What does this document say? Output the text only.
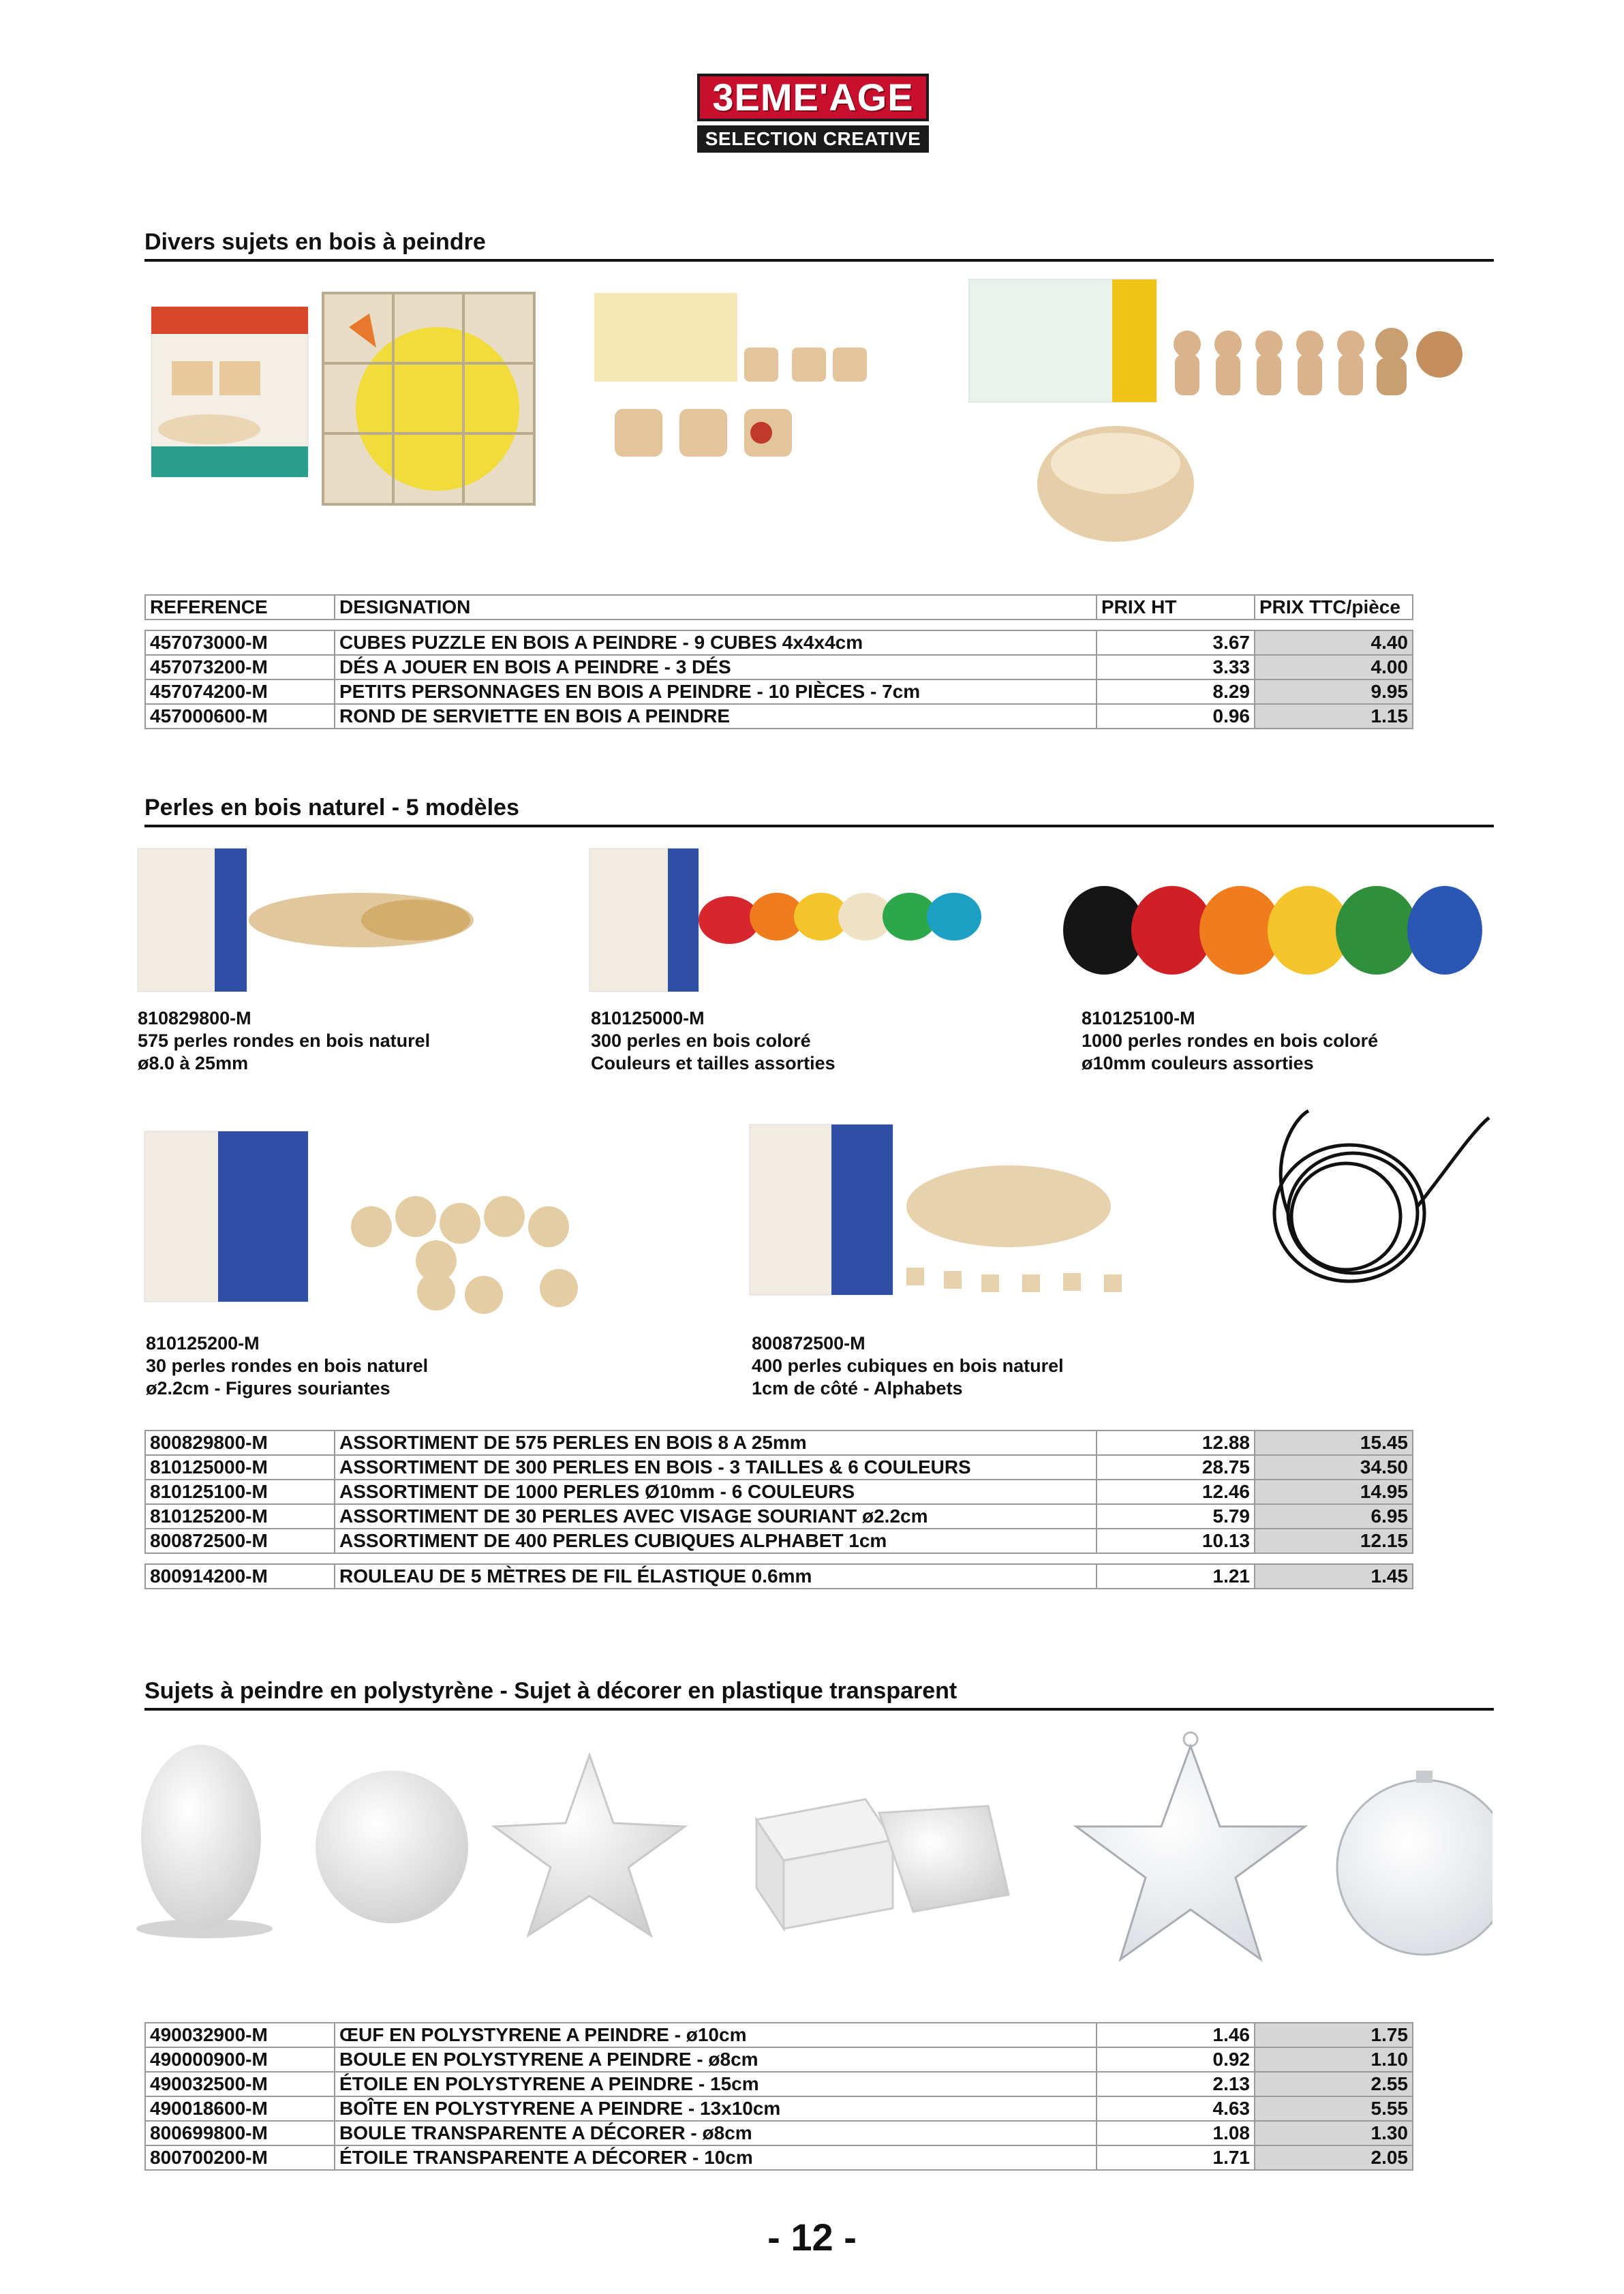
3EME'AGE
SELECTION CREATIVE
Divers sujets en bois à peindre
REFERENCE	DESIGNATION	PRIX HT	PRIX TTC/pièce

457073000-M	CUBES PUZZLE EN BOIS A PEINDRE - 9 CUBES 4x4x4cm	3.67	4.40
457073200-M	DÉS A JOUER EN BOIS A PEINDRE - 3 DÉS	3.33	4.00
457074200-M	PETITS PERSONNAGES EN BOIS A PEINDRE - 10 PIÈCES - 7cm	8.29	9.95
457000600-M	ROND DE SERVIETTE EN BOIS A PEINDRE	0.96	1.15
Perles en bois naturel - 5 modèles
810829800-M
575 perles rondes en bois naturel
ø8.0 à 25mm
810125000-M
300 perles en bois coloré
Couleurs et tailles assorties
810125100-M
1000 perles rondes en bois coloré
ø10mm couleurs assorties
810125200-M
30 perles rondes en bois naturel
ø2.2cm - Figures souriantes
800872500-M
400 perles cubiques en bois naturel
1cm de côté - Alphabets
800829800-M	ASSORTIMENT DE 575 PERLES EN BOIS 8 A 25mm	12.88	15.45
810125000-M	ASSORTIMENT DE 300 PERLES EN BOIS - 3 TAILLES & 6 COULEURS	28.75	34.50
810125100-M	ASSORTIMENT DE 1000 PERLES Ø10mm - 6 COULEURS	12.46	14.95
810125200-M	ASSORTIMENT DE 30 PERLES AVEC VISAGE SOURIANT ø2.2cm	5.79	6.95
800872500-M	ASSORTIMENT DE 400 PERLES CUBIQUES ALPHABET 1cm	10.13	12.15

800914200-M	ROULEAU DE 5 MÈTRES DE FIL ÉLASTIQUE 0.6mm	1.21	1.45
Sujets à peindre en polystyrène - Sujet à décorer en plastique transparent
490032900-M	ŒUF EN POLYSTYRENE A PEINDRE - ø10cm	1.46	1.75
490000900-M	BOULE EN POLYSTYRENE A PEINDRE - ø8cm	0.92	1.10
490032500-M	ÉTOILE EN POLYSTYRENE A PEINDRE - 15cm	2.13	2.55
490018600-M	BOÎTE EN POLYSTYRENE A PEINDRE - 13x10cm	4.63	5.55
800699800-M	BOULE TRANSPARENTE A DÉCORER - ø8cm	1.08	1.30
800700200-M	ÉTOILE TRANSPARENTE A DÉCORER - 10cm	1.71	2.05
- 12 -
